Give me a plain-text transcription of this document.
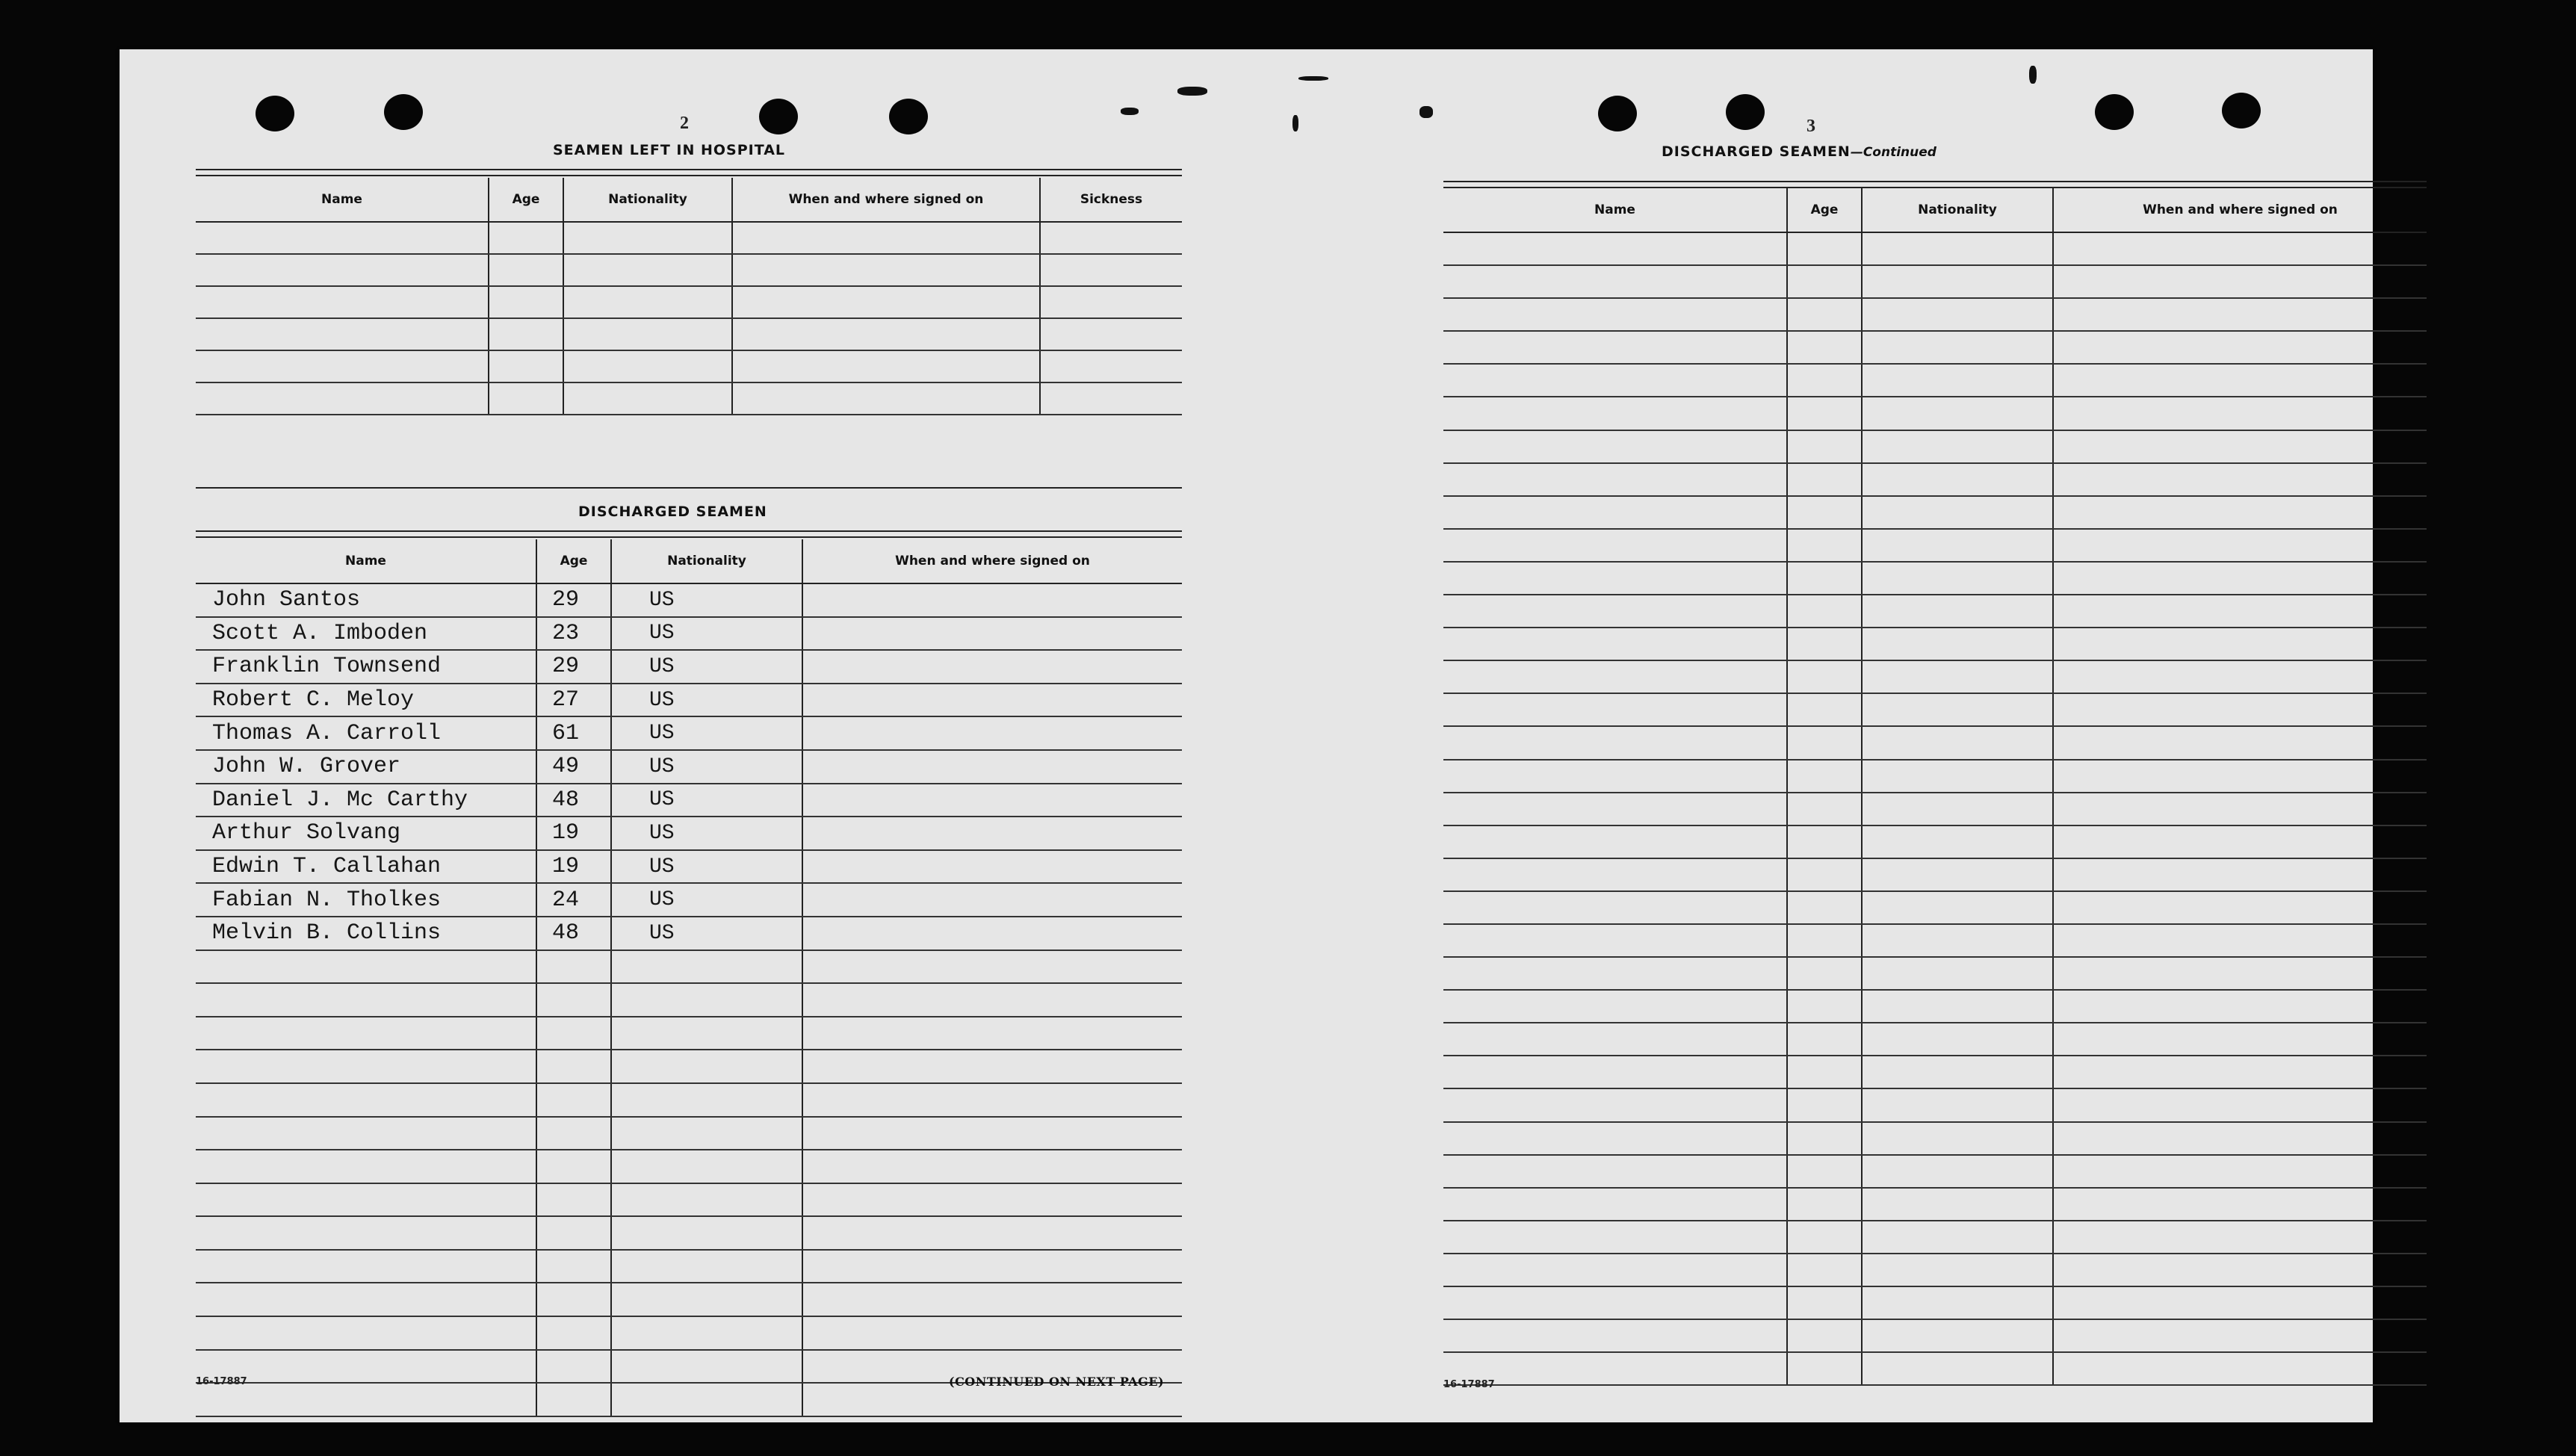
2
SEAMEN LEFT IN HOSPITAL
Name	Age	Nationality	When and where signed on	Sickness

DISCHARGED SEAMEN
Name	Age	Nationality	When and where signed on
John Santos	29	US	
Scott A. Imboden	23	US	
Franklin Townsend	29	US	
Robert C. Meloy	27	US	
Thomas A. Carroll	61	US	
John W. Grover	49	US	
Daniel J. Mc Carthy	48	US	
Arthur Solvang	19	US	
Edwin T. Callahan	19	US	
Fabian N. Tholkes	24	US	
Melvin B. Collins	48	US	

16-17887	(CONTINUED ON NEXT PAGE)
3
DISCHARGED SEAMEN—Continued
Name	Age	Nationality	When and where signed on

16-17887
